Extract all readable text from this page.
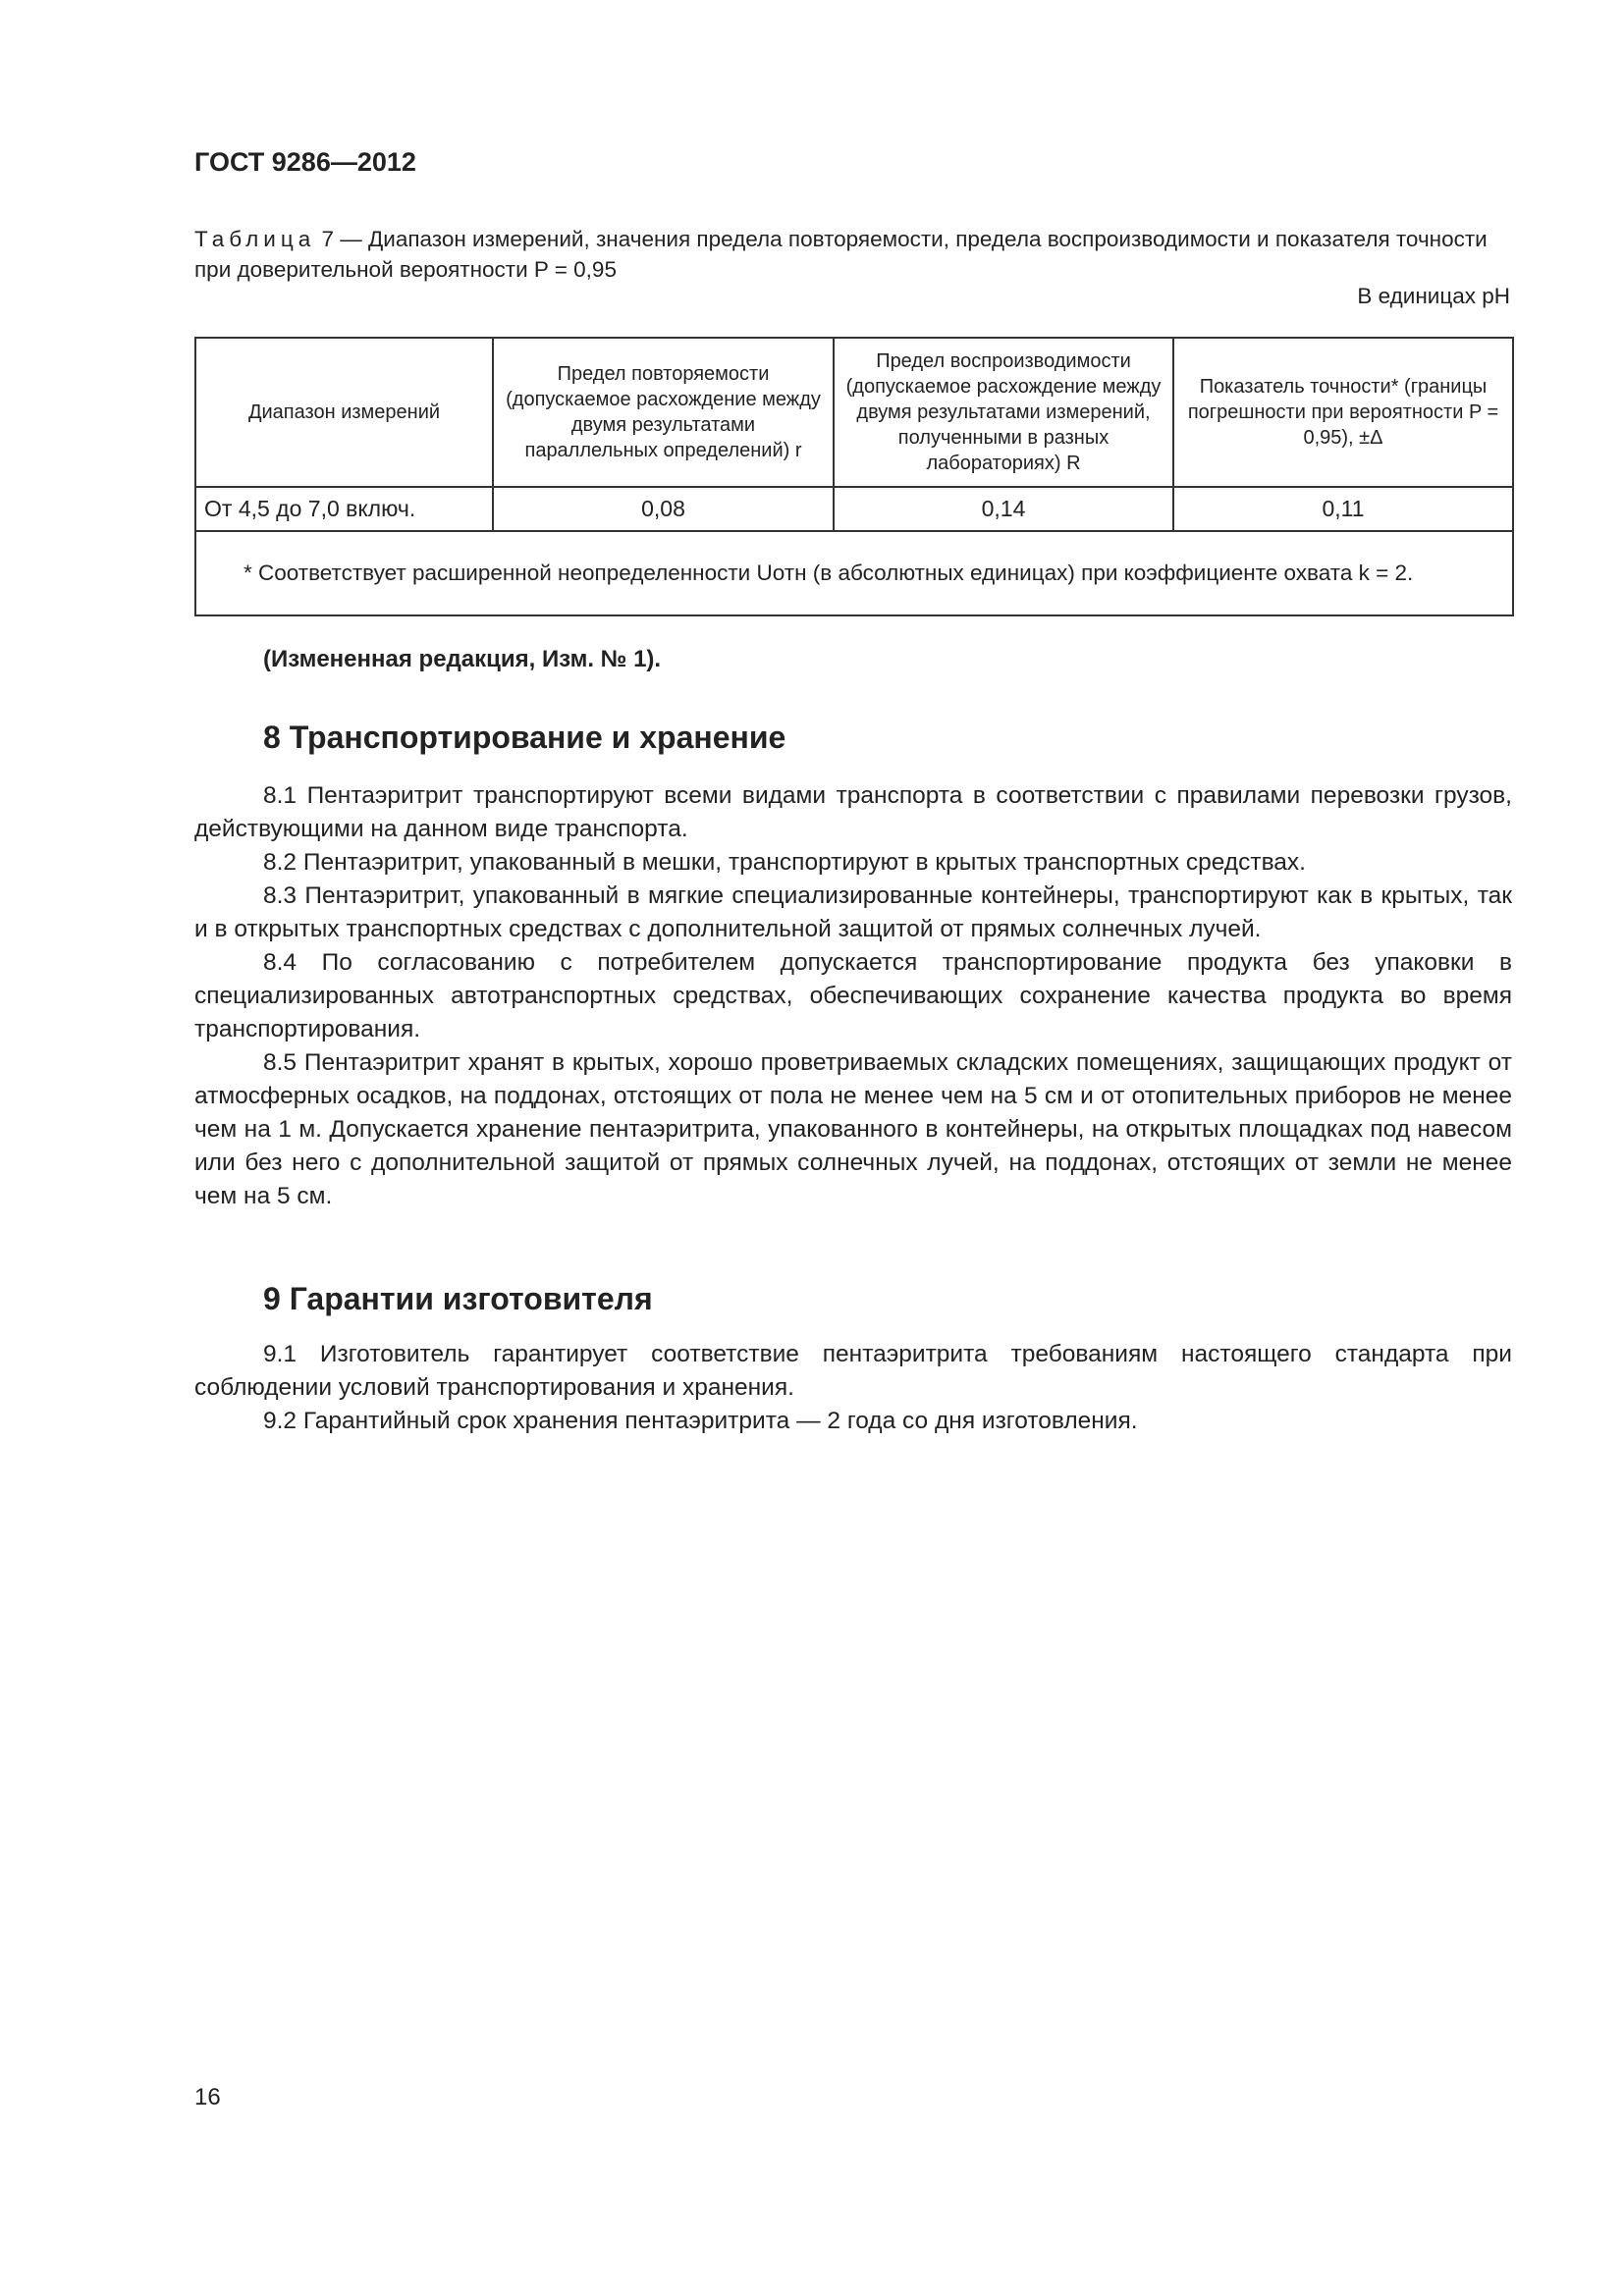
ГОСТ 9286—2012
Таблица 7 — Диапазон измерений, значения предела повторяемости, предела воспроизводимости и показателя точности при доверительной вероятности P = 0,95
В единицах pH
Диапазон измерений	Предел повторяемости (допускаемое расхождение между двумя результатами параллельных определений) r	Предел воспроизводимости (допускаемое расхождение между двумя результатами измерений, полученными в разных лабораториях) R	Показатель точности* (границы погрешности при вероятности P = 0,95), ±Δ
От 4,5 до 7,0 включ.	0,08	0,14	0,11

* Соответствует расширенной неопределенности Uотн (в абсолютных единицах) при коэффициенте охвата k = 2.			
(Измененная редакция, Изм. № 1).
8 Транспортирование и хранение

8.1 Пентаэритрит транспортируют всеми видами транспорта в соответствии с правилами перевозки грузов, действующими на данном виде транспорта.

8.2 Пентаэритрит, упакованный в мешки, транспортируют в крытых транспортных средствах.

8.3 Пентаэритрит, упакованный в мягкие специализированные контейнеры, транспортируют как в крытых, так и в открытых транспортных средствах с дополнительной защитой от прямых солнечных лучей.

8.4 По согласованию с потребителем допускается транспортирование продукта без упаковки в специализированных автотранспортных средствах, обеспечивающих сохранение качества продукта во время транспортирования.

8.5 Пентаэритрит хранят в крытых, хорошо проветриваемых складских помещениях, защищающих продукт от атмосферных осадков, на поддонах, отстоящих от пола не менее чем на 5 см и от отопительных приборов не менее чем на 1 м. Допускается хранение пентаэритрита, упакованного в контейнеры, на открытых площадках под навесом или без него с дополнительной защитой от прямых солнечных лучей, на поддонах, отстоящих от земли не менее чем на 5 см.

9 Гарантии изготовителя

9.1 Изготовитель гарантирует соответствие пентаэритрита требованиям настоящего стандарта при соблюдении условий транспортирования и хранения.

9.2 Гарантийный срок хранения пентаэритрита — 2 года со дня изготовления.

16
